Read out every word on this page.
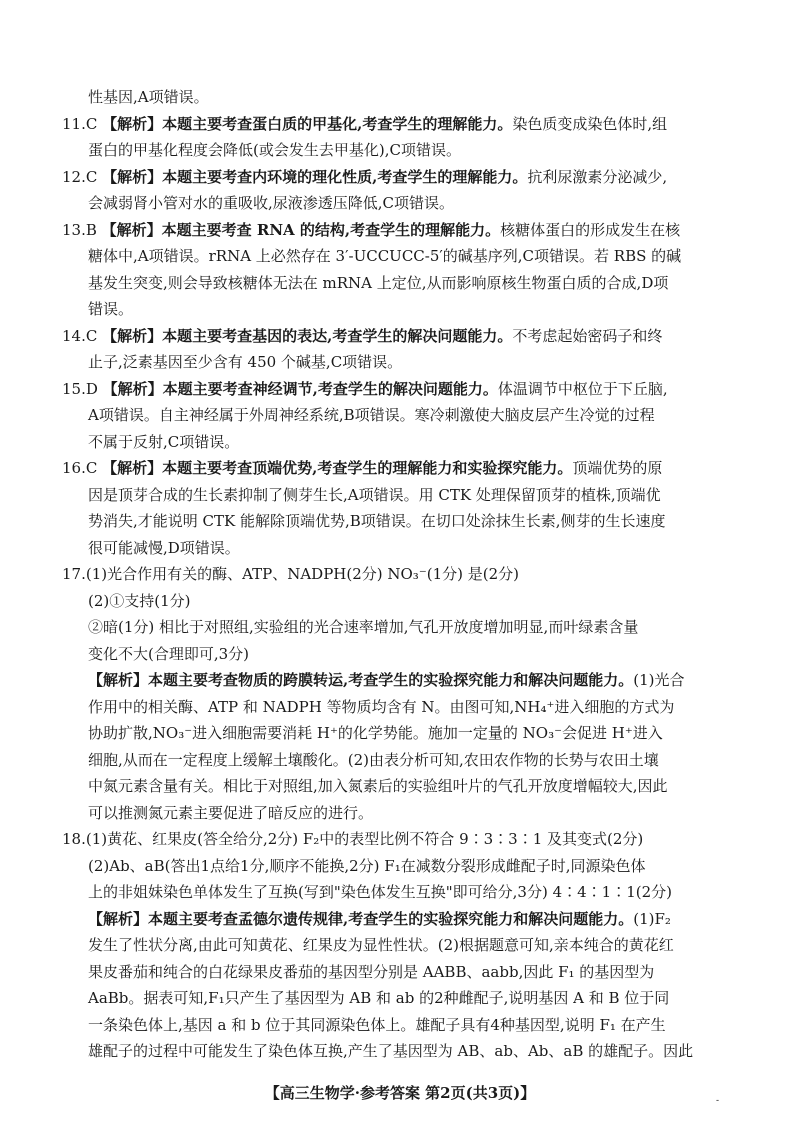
性基因,A项错误。
11.C 【解析】本题主要考查蛋白质的甲基化,考查学生的理解能力。染色质变成染色体时,组
蛋白的甲基化程度会降低(或会发生去甲基化),C项错误。
12.C 【解析】本题主要考查内环境的理化性质,考查学生的理解能力。抗利尿激素分泌减少,
会减弱肾小管对水的重吸收,尿液渗透压降低,C项错误。
13.B 【解析】本题主要考查 RNA 的结构,考查学生的理解能力。核糖体蛋白的形成发生在核
糖体中,A项错误。rRNA 上必然存在 3′-UCCUCC-5′的碱基序列,C项错误。若 RBS 的碱
基发生突变,则会导致核糖体无法在 mRNA 上定位,从而影响原核生物蛋白质的合成,D项
错误。
14.C 【解析】本题主要考查基因的表达,考查学生的解决问题能力。不考虑起始密码子和终
止子,泛素基因至少含有 450 个碱基,C项错误。
15.D 【解析】本题主要考查神经调节,考查学生的解决问题能力。体温调节中枢位于下丘脑,
A项错误。自主神经属于外周神经系统,B项错误。寒冷刺激使大脑皮层产生冷觉的过程
不属于反射,C项错误。
16.C 【解析】本题主要考查顶端优势,考查学生的理解能力和实验探究能力。顶端优势的原
因是顶芽合成的生长素抑制了侧芽生长,A项错误。用 CTK 处理保留顶芽的植株,顶端优
势消失,才能说明 CTK 能解除顶端优势,B项错误。在切口处涂抹生长素,侧芽的生长速度
很可能减慢,D项错误。
17.(1)光合作用有关的酶、ATP、NADPH(2分) NO₃⁻(1分) 是(2分)
(2)①支持(1分)
②暗(1分) 相比于对照组,实验组的光合速率增加,气孔开放度增加明显,而叶绿素含量
变化不大(合理即可,3分)
【解析】本题主要考查物质的跨膜转运,考查学生的实验探究能力和解决问题能力。(1)光合
作用中的相关酶、ATP 和 NADPH 等物质均含有 N。由图可知,NH₄⁺进入细胞的方式为
协助扩散,NO₃⁻进入细胞需要消耗 H⁺的化学势能。施加一定量的 NO₃⁻会促进 H⁺进入
细胞,从而在一定程度上缓解土壤酸化。(2)由表分析可知,农田农作物的长势与农田土壤
中氮元素含量有关。相比于对照组,加入氮素后的实验组叶片的气孔开放度增幅较大,因此
可以推测氮元素主要促进了暗反应的进行。
18.(1)黄花、红果皮(答全给分,2分) F₂中的表型比例不符合 9∶3∶3∶1 及其变式(2分)
(2)Ab、aB(答出1点给1分,顺序不能换,2分) F₁在减数分裂形成雌配子时,同源染色体
上的非姐妹染色单体发生了互换(写到"染色体发生互换"即可给分,3分) 4∶4∶1∶1(2分)
【解析】本题主要考查孟德尔遗传规律,考查学生的实验探究能力和解决问题能力。(1)F₂
发生了性状分离,由此可知黄花、红果皮为显性性状。(2)根据题意可知,亲本纯合的黄花红
果皮番茄和纯合的白花绿果皮番茄的基因型分别是 AABB、aabb,因此 F₁ 的基因型为
AaBb。据表可知,F₁只产生了基因型为 AB 和 ab 的2种雌配子,说明基因 A 和 B 位于同
一条染色体上,基因 a 和 b 位于其同源染色体上。雄配子具有4种基因型,说明 F₁ 在产生
雄配子的过程中可能发生了染色体互换,产生了基因型为 AB、ab、Ab、aB 的雄配子。因此
【高三生物学·参考答案 第2页(共3页)】	-
